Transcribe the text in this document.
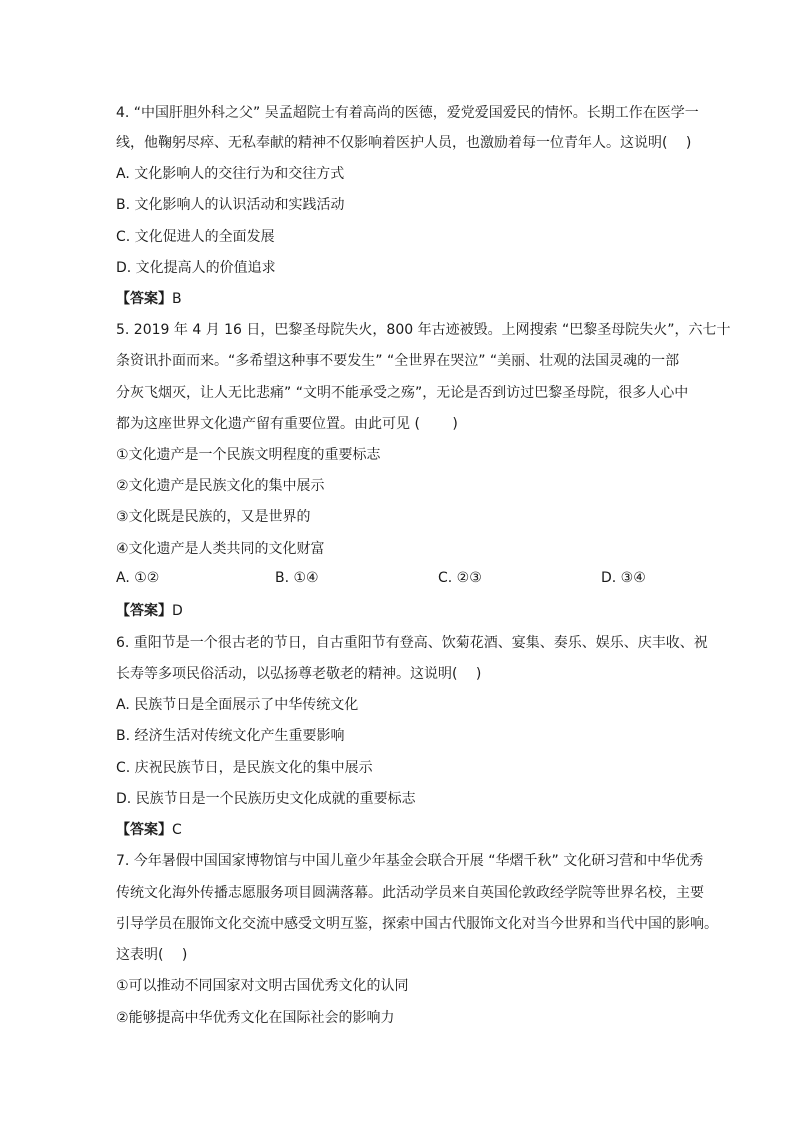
4. “中国肝胆外科之父” 吴孟超院士有着高尚的医德，爱党爱国爱民的情怀。长期工作在医学一
线，他鞠躬尽瘁、无私奉献的精神不仅影响着医护人员，也激励着每一位青年人。这说明(　 )
A. 文化影响人的交往行为和交往方式
B. 文化影响人的认识活动和实践活动
C. 文化促进人的全面发展
D. 文化提高人的价值追求
【答案】B
5. 2019 年 4 月 16 日，巴黎圣母院失火，800 年古迹被毁。上网搜索 “巴黎圣母院失火”，六七十
条资讯扑面而来。“多希望这种事不要发生” “全世界在哭泣” “美丽、壮观的法国灵魂的一部
分灰飞烟灭，让人无比悲痛” “文明不能承受之殇”，无论是否到访过巴黎圣母院，很多人心中
都为这座世界文化遗产留有重要位置。由此可见 (　　 )
①文化遗产是一个民族文明程度的重要标志
②文化遗产是民族文化的集中展示
③文化既是民族的，又是世界的
④文化遗产是人类共同的文化财富
A. ①②	B. ①④	C. ②③	D. ③④
【答案】D
6. 重阳节是一个很古老的节日，自古重阳节有登高、饮菊花酒、宴集、奏乐、娱乐、庆丰收、祝
长寿等多项民俗活动，以弘扬尊老敬老的精神。这说明(　 )
A. 民族节日是全面展示了中华传统文化
B. 经济生活对传统文化产生重要影响
C. 庆祝民族节日，是民族文化的集中展示
D. 民族节日是一个民族历史文化成就的重要标志
【答案】C
7. 今年暑假中国国家博物馆与中国儿童少年基金会联合开展 “华熠千秋” 文化研习营和中华优秀
传统文化海外传播志愿服务项目圆满落幕。此活动学员来自英国伦敦政经学院等世界名校，主要
引导学员在服饰文化交流中感受文明互鉴，探索中国古代服饰文化对当今世界和当代中国的影响。
这表明(　 )
①可以推动不同国家对文明古国优秀文化的认同
②能够提高中华优秀文化在国际社会的影响力
